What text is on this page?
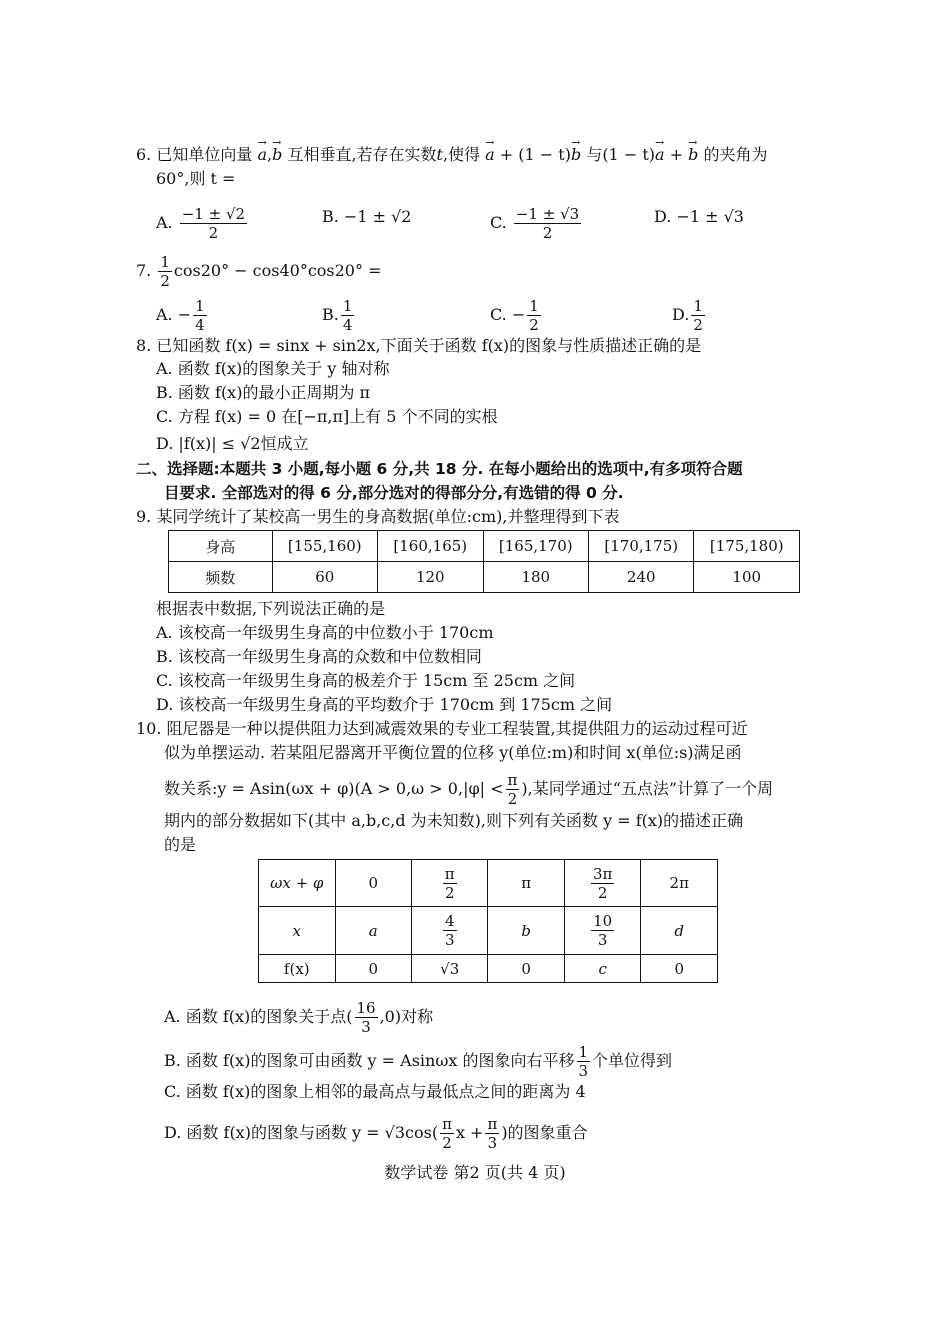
6. 已知单位向量 → a,→ b 互相垂直,若存在实数t,使得 → a + (1 − t)→ b 与(1 − t)→ a + → b 的夹角为
60°,则 t =
A. $\frac{-1 \pm √2}{2}$	B. −1 ± √2	C. $\frac{-1 \pm √3}{2}$	D. −1 ± √3
7. $\frac{1}{2} \cos 20^\circ - \cos 40^\circ\cos 20^\circ$ =
A. − $\frac{1}{4}$	B. $\frac{1}{4}$	C. − $\frac{1}{2}$	D. $\frac{1}{2}$
8. 已知函数 f(x) = sinx + sin2x,下面关于函数 f(x)的图象与性质描述正确的是
A. 函数 f(x)的图象关于 y 轴对称
B. 函数 f(x)的最小正周期为 π
C. 方程 f(x) = 0 在[−π,π]上有 5 个不同的实根
D. |f(x)| ≤ √2恒成立
二、选择题:本题共 3 小题,每小题 6 分,共 18 分. 在每小题给出的选项中,有多项符合题
目要求. 全部选对的得 6 分,部分选对的得部分分,有选错的得 0 分.
9. 某同学统计了某校高一男生的身高数据(单位:cm),并整理得到下表
身高	[155,160)	[160,165)	[165,170)	[170,175)	[175,180)
频数	60	120	180	240	100
根据表中数据,下列说法正确的是
A. 该校高一年级男生身高的中位数小于 170cm
B. 该校高一年级男生身高的众数和中位数相同
C. 该校高一年级男生身高的极差介于 15cm 至 25cm 之间
D. 该校高一年级男生身高的平均数介于 170cm 到 175cm 之间
10. 阻尼器是一种以提供阻力达到减震效果的专业工程装置,其提供阻力的运动过程可近
似为单摆运动. 若某阻尼器离开平衡位置的位移 y(单位:m)和时间 x(单位:s)满足函
数关系:y = $Asin(\omega x + \varphi)(A > 0,\omega > 0,|\varphi| < \frac{\pi}{2}$ ),某同学通过“五点法”计算了一个周
期内的部分数据如下(其中 a,b,c,d 为未知数),则下列有关函数 y = f(x)的描述正确
的是
ωx + φ	0	$\frac{\pi}{2}$	π	$\frac{3\pi}{2}$	2π
x	a	$\frac{4}{3}$	b	$\frac{10}{3}$	d
f(x)	0	√3	0	c	0
A. 函数 f(x)的图象关于点( $\frac{16}{3} ,0$)对称
B. 函数 f(x)的图象可由函数 y = Asinωx 的图象向右平移 $\frac{1}{3}$ 个单位得到
C. 函数 f(x)的图象上相邻的最高点与最低点之间的距离为 4
D. 函数 f(x)的图象与函数 $y = √3\cos( \frac{\pi}{2}$ $x + \frac{\pi}{3}$ )的图象重合
数学试卷 第2 页(共 4 页)
